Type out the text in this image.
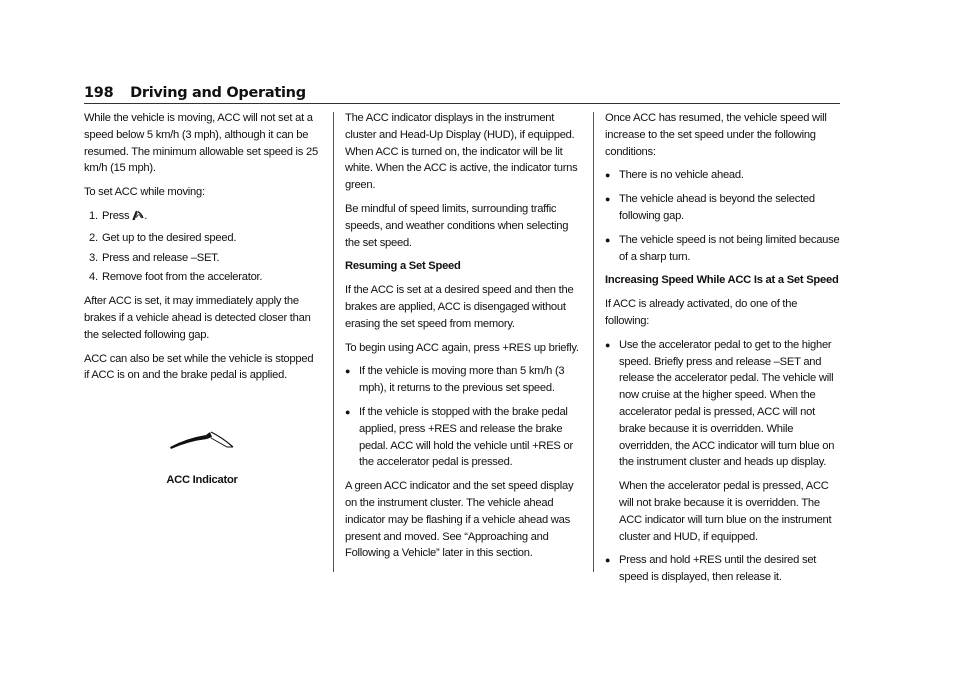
198 Driving and Operating

While the vehicle is moving, ACC will not set at a speed below 5 km/h (3 mph), although it can be resumed. The minimum allowable set speed is 25 km/h (15 mph).

To set ACC while moving:

1. Press .
2. Get up to the desired speed.
3. Press and release –SET.
4. Remove foot from the accelerator.

After ACC is set, it may immediately apply the brakes if a vehicle ahead is detected closer than the selected following gap.

ACC can also be set while the vehicle is stopped if ACC is on and the brake pedal is applied.

ACC Indicator

The ACC indicator displays in the instrument cluster and Head-Up Display (HUD), if equipped. When ACC is turned on, the indicator will be lit white. When the ACC is active, the indicator turns green.

Be mindful of speed limits, surrounding traffic speeds, and weather conditions when selecting the set speed.

Resuming a Set Speed

If the ACC is set at a desired speed and then the brakes are applied, ACC is disengaged without erasing the set speed from memory.

To begin using ACC again, press +RES up briefly.

● If the vehicle is moving more than 5 km/h (3 mph), it returns to the previous set speed.
● If the vehicle is stopped with the brake pedal applied, press +RES and release the brake pedal. ACC will hold the vehicle until +RES or the accelerator pedal is pressed.

A green ACC indicator and the set speed display on the instrument cluster. The vehicle ahead indicator may be flashing if a vehicle ahead was present and moved. See “Approaching and Following a Vehicle” later in this section.

Once ACC has resumed, the vehicle speed will increase to the set speed under the following conditions:

● There is no vehicle ahead.
● The vehicle ahead is beyond the selected following gap.
● The vehicle speed is not being limited because of a sharp turn.

Increasing Speed While ACC Is at a Set Speed

If ACC is already activated, do one of the following:

● Use the accelerator pedal to get to the higher speed. Briefly press and release –SET and release the accelerator pedal. The vehicle will now cruise at the higher speed. When the accelerator pedal is pressed, ACC will not brake because it is overridden. While overridden, the ACC indicator will turn blue on the instrument cluster and heads up display.

When the accelerator pedal is pressed, ACC will not brake because it is overridden. The ACC indicator will turn blue on the instrument cluster and HUD, if equipped.

● Press and hold +RES until the desired set speed is displayed, then release it.
